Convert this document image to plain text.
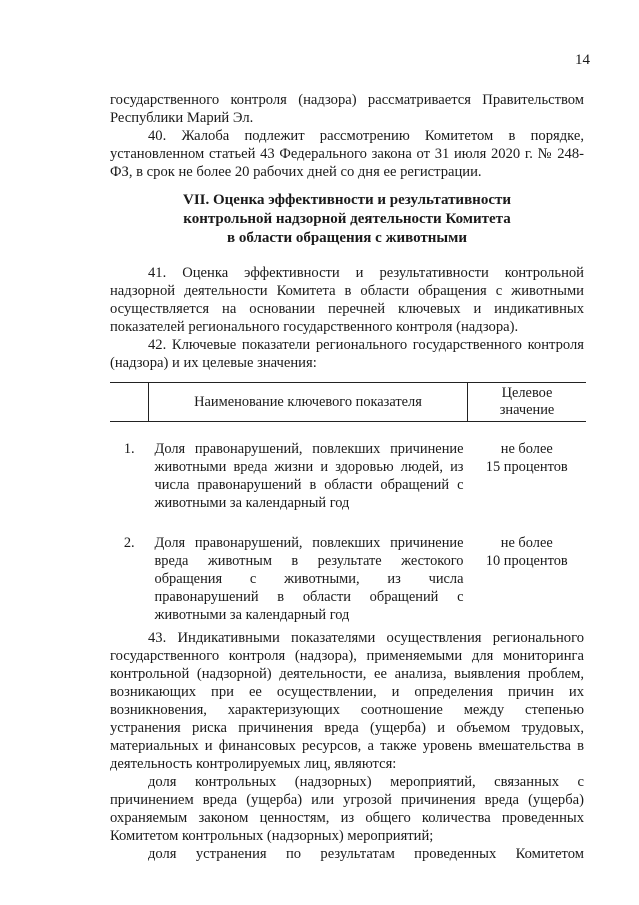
14

государственного контроля (надзора) рассматривается Правительством Республики Марий Эл.

40. Жалоба подлежит рассмотрению Комитетом в порядке, установленном статьей 43 Федерального закона от 31 июля 2020 г. № 248-ФЗ, в срок не более 20 рабочих дней со дня ее регистрации.

VII. Оценка эффективности и результативности
контрольной надзорной деятельности Комитета
в области обращения с животными

41. Оценка эффективности и результативности контрольной надзорной деятельности Комитета в области обращения с животными осуществляется на основании перечней ключевых и индикативных показателей регионального государственного контроля (надзора).

42. Ключевые показатели регионального государственного контроля (надзора) и их целевые значения:

	Наименование ключевого показателя	Целевое
значение

1.	Доля правонарушений, повлекших причинение животными вреда жизни и здоровью людей, из числа правонарушений в области обращений с животными за календарный год	не более
15 процентов

2.	Доля правонарушений, повлекших причинение вреда животным в результате жестокого обращения с животными, из числа правонарушений в области обращений с животными за календарный год	не более
10 процентов

43. Индикативными показателями осуществления регионального государственного контроля (надзора), применяемыми для мониторинга контрольной (надзорной) деятельности, ее анализа, выявления проблем, возникающих при ее осуществлении, и определения причин их возникновения, характеризующих соотношение между степенью устранения риска причинения вреда (ущерба) и объемом трудовых, материальных и финансовых ресурсов, а также уровень вмешательства в деятельность контролируемых лиц, являются:

доля контрольных (надзорных) мероприятий, связанных с причинением вреда (ущерба) или угрозой причинения вреда (ущерба) охраняемым законом ценностям, из общего количества проведенных Комитетом контрольных (надзорных) мероприятий;

доля устранения по результатам проведенных Комитетом
